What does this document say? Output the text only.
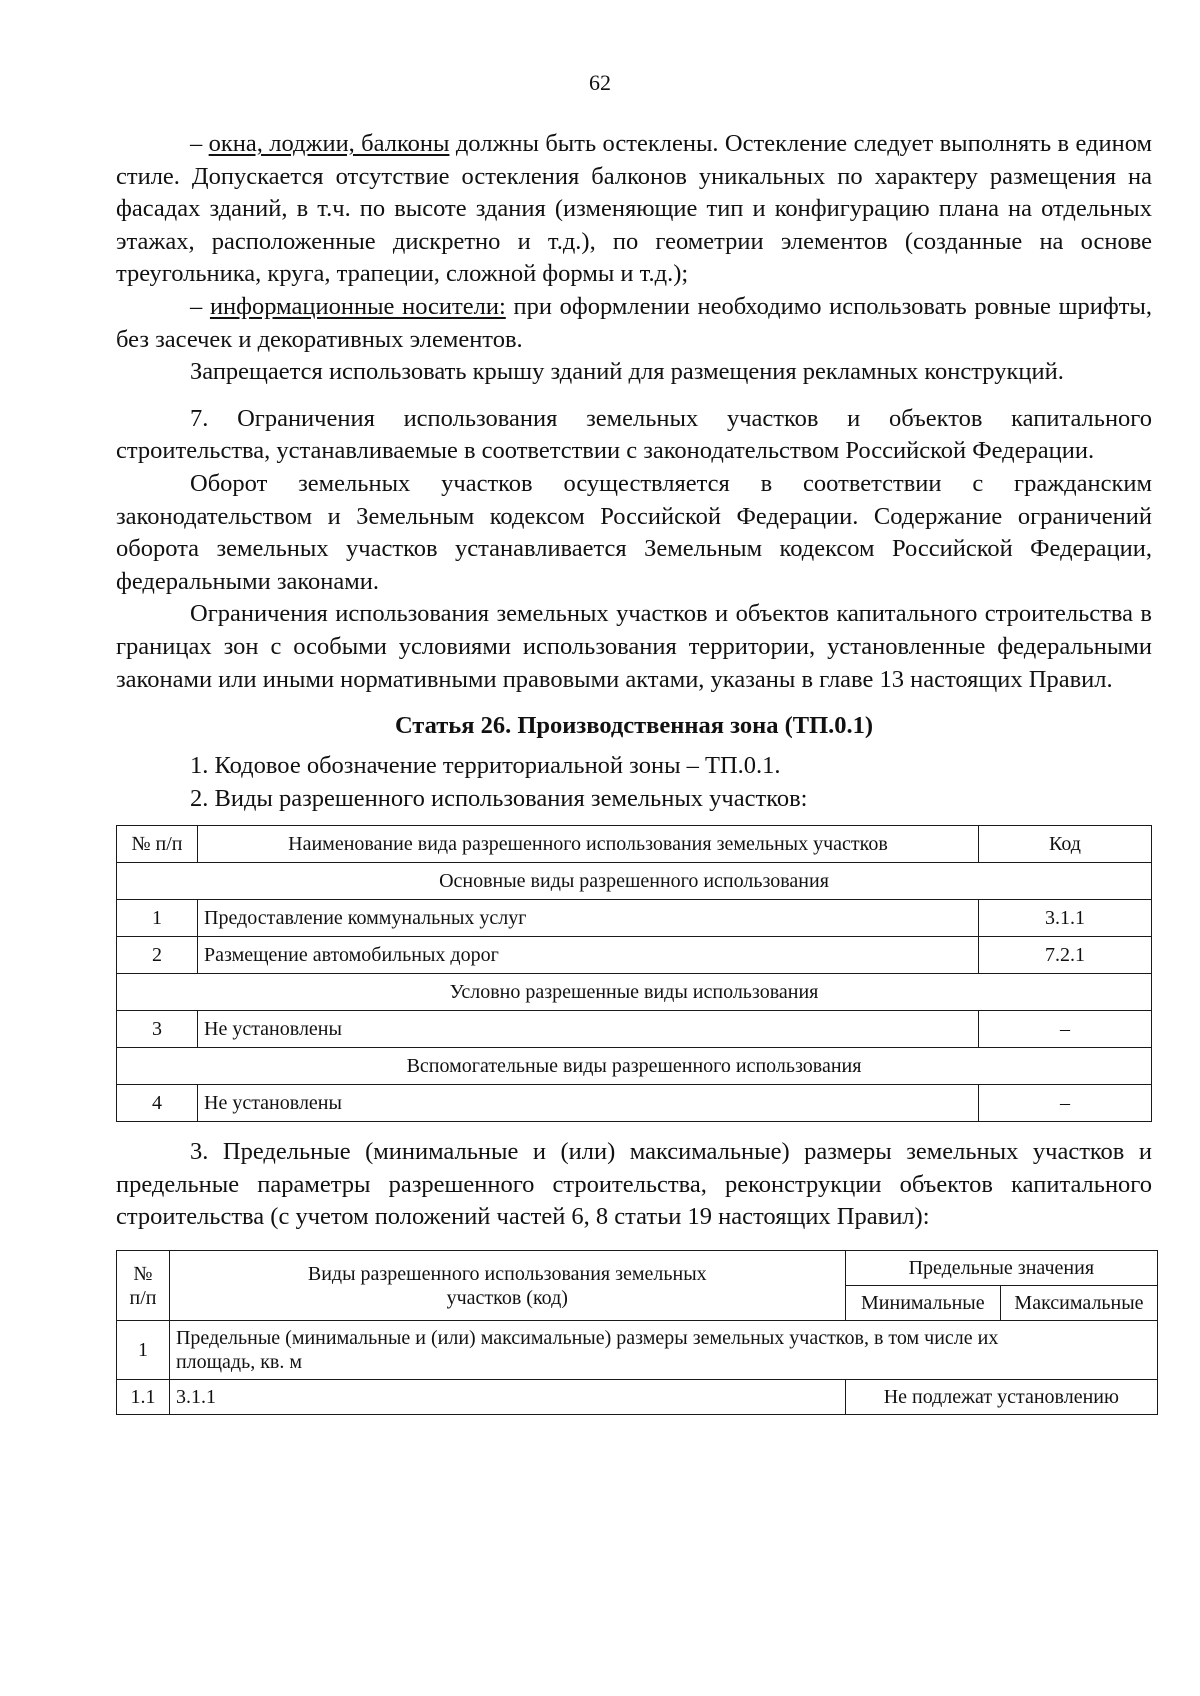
62

– окна, лоджии, балконы должны быть остеклены. Остекление следует выполнять в едином стиле. Допускается отсутствие остекления балконов уникальных по характеру размещения на фасадах зданий, в т.ч. по высоте здания (изменяющие тип и конфигурацию плана на отдельных этажах, расположенные дискретно и т.д.), по геометрии элементов (созданные на основе треугольника, круга, трапеции, сложной формы и т.д.);

– информационные носители: при оформлении необходимо использовать ровные шрифты, без засечек и декоративных элементов.

Запрещается использовать крышу зданий для размещения рекламных конструкций.

7. Ограничения использования земельных участков и объектов капитального строительства, устанавливаемые в соответствии с законодательством Российской Федерации.

Оборот земельных участков осуществляется в соответствии с гражданским законодательством и Земельным кодексом Российской Федерации. Содержание ограничений оборота земельных участков устанавливается Земельным кодексом Российской Федерации, федеральными законами.

Ограничения использования земельных участков и объектов капитального строительства в границах зон с особыми условиями использования территории, установленные федеральными законами или иными нормативными правовыми актами, указаны в главе 13 настоящих Правил.

Статья 26. Производственная зона (ТП.0.1)

1. Кодовое обозначение территориальной зоны – ТП.0.1.

2. Виды разрешенного использования земельных участков:

№ п/п	Наименование вида разрешенного использования земельных участков	Код
Основные виды разрешенного использования		
1	Предоставление коммунальных услуг	3.1.1
2	Размещение автомобильных дорог	7.2.1
Условно разрешенные виды использования		
3	Не установлены	–
Вспомогательные виды разрешенного использования		
4	Не установлены	–

3. Предельные (минимальные и (или) максимальные) размеры земельных участков и предельные параметры разрешенного строительства, реконструкции объектов капитального строительства (с учетом положений частей 6, 8 статьи 19 настоящих Правил):

№ п/п	Виды разрешенного использования земельных участков (код)	Предельные значения	
		Минимальные	Максимальные
1	Предельные (минимальные и (или) максимальные) размеры земельных участков, в том числе их площадь, кв. м		
1.1	3.1.1	Не подлежат установлению	
